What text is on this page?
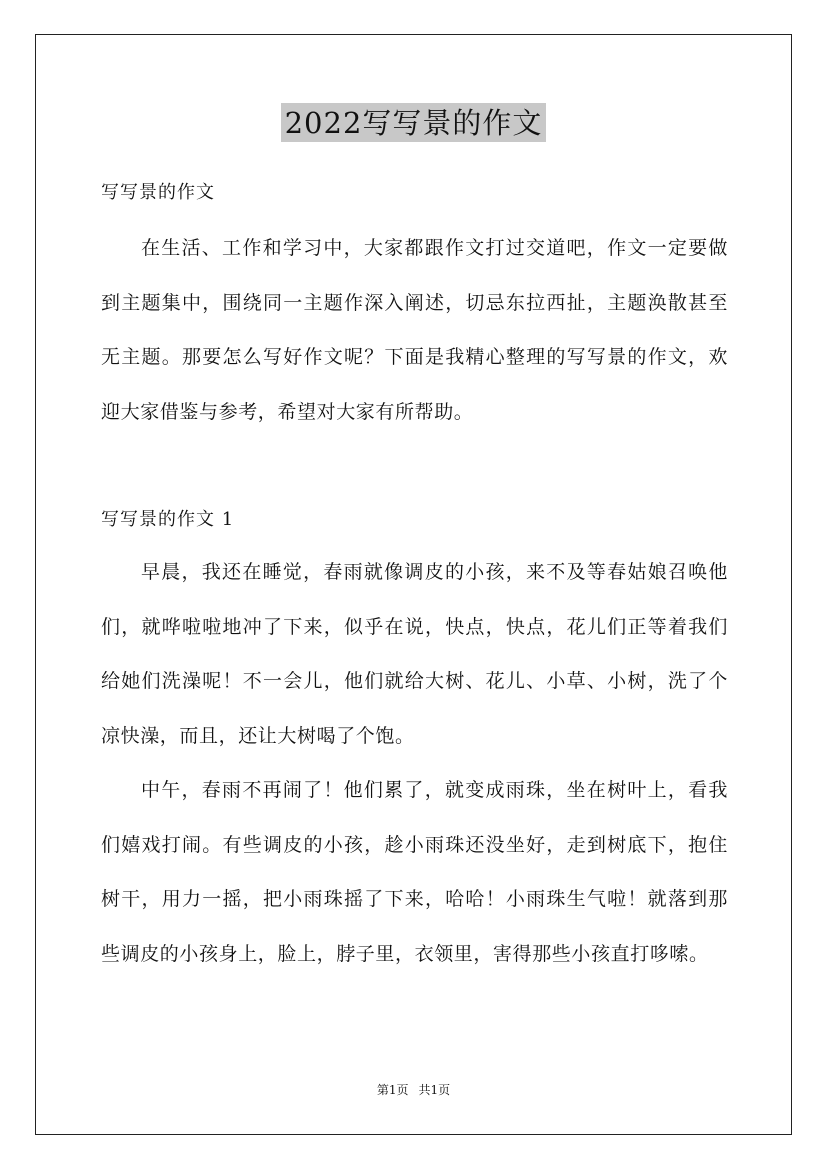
2022写写景的作文

写写景的作文

在生活、工作和学习中，大家都跟作文打过交道吧，作文一定要做到主题集中，围绕同一主题作深入阐述，切忌东拉西扯，主题涣散甚至无主题。那要怎么写好作文呢？下面是我精心整理的写写景的作文，欢迎大家借鉴与参考，希望对大家有所帮助。

写写景的作文 1

早晨，我还在睡觉，春雨就像调皮的小孩，来不及等春姑娘召唤他们，就哗啦啦地冲了下来，似乎在说，快点，快点，花儿们正等着我们给她们洗澡呢！不一会儿，他们就给大树、花儿、小草、小树，洗了个凉快澡，而且，还让大树喝了个饱。

中午，春雨不再闹了！他们累了，就变成雨珠，坐在树叶上，看我们嬉戏打闹。有些调皮的小孩，趁小雨珠还没坐好，走到树底下，抱住树干，用力一摇，把小雨珠摇了下来，哈哈！小雨珠生气啦！就落到那些调皮的小孩身上，脸上，脖子里，衣领里，害得那些小孩直打哆嗦。

第1页 共1页
